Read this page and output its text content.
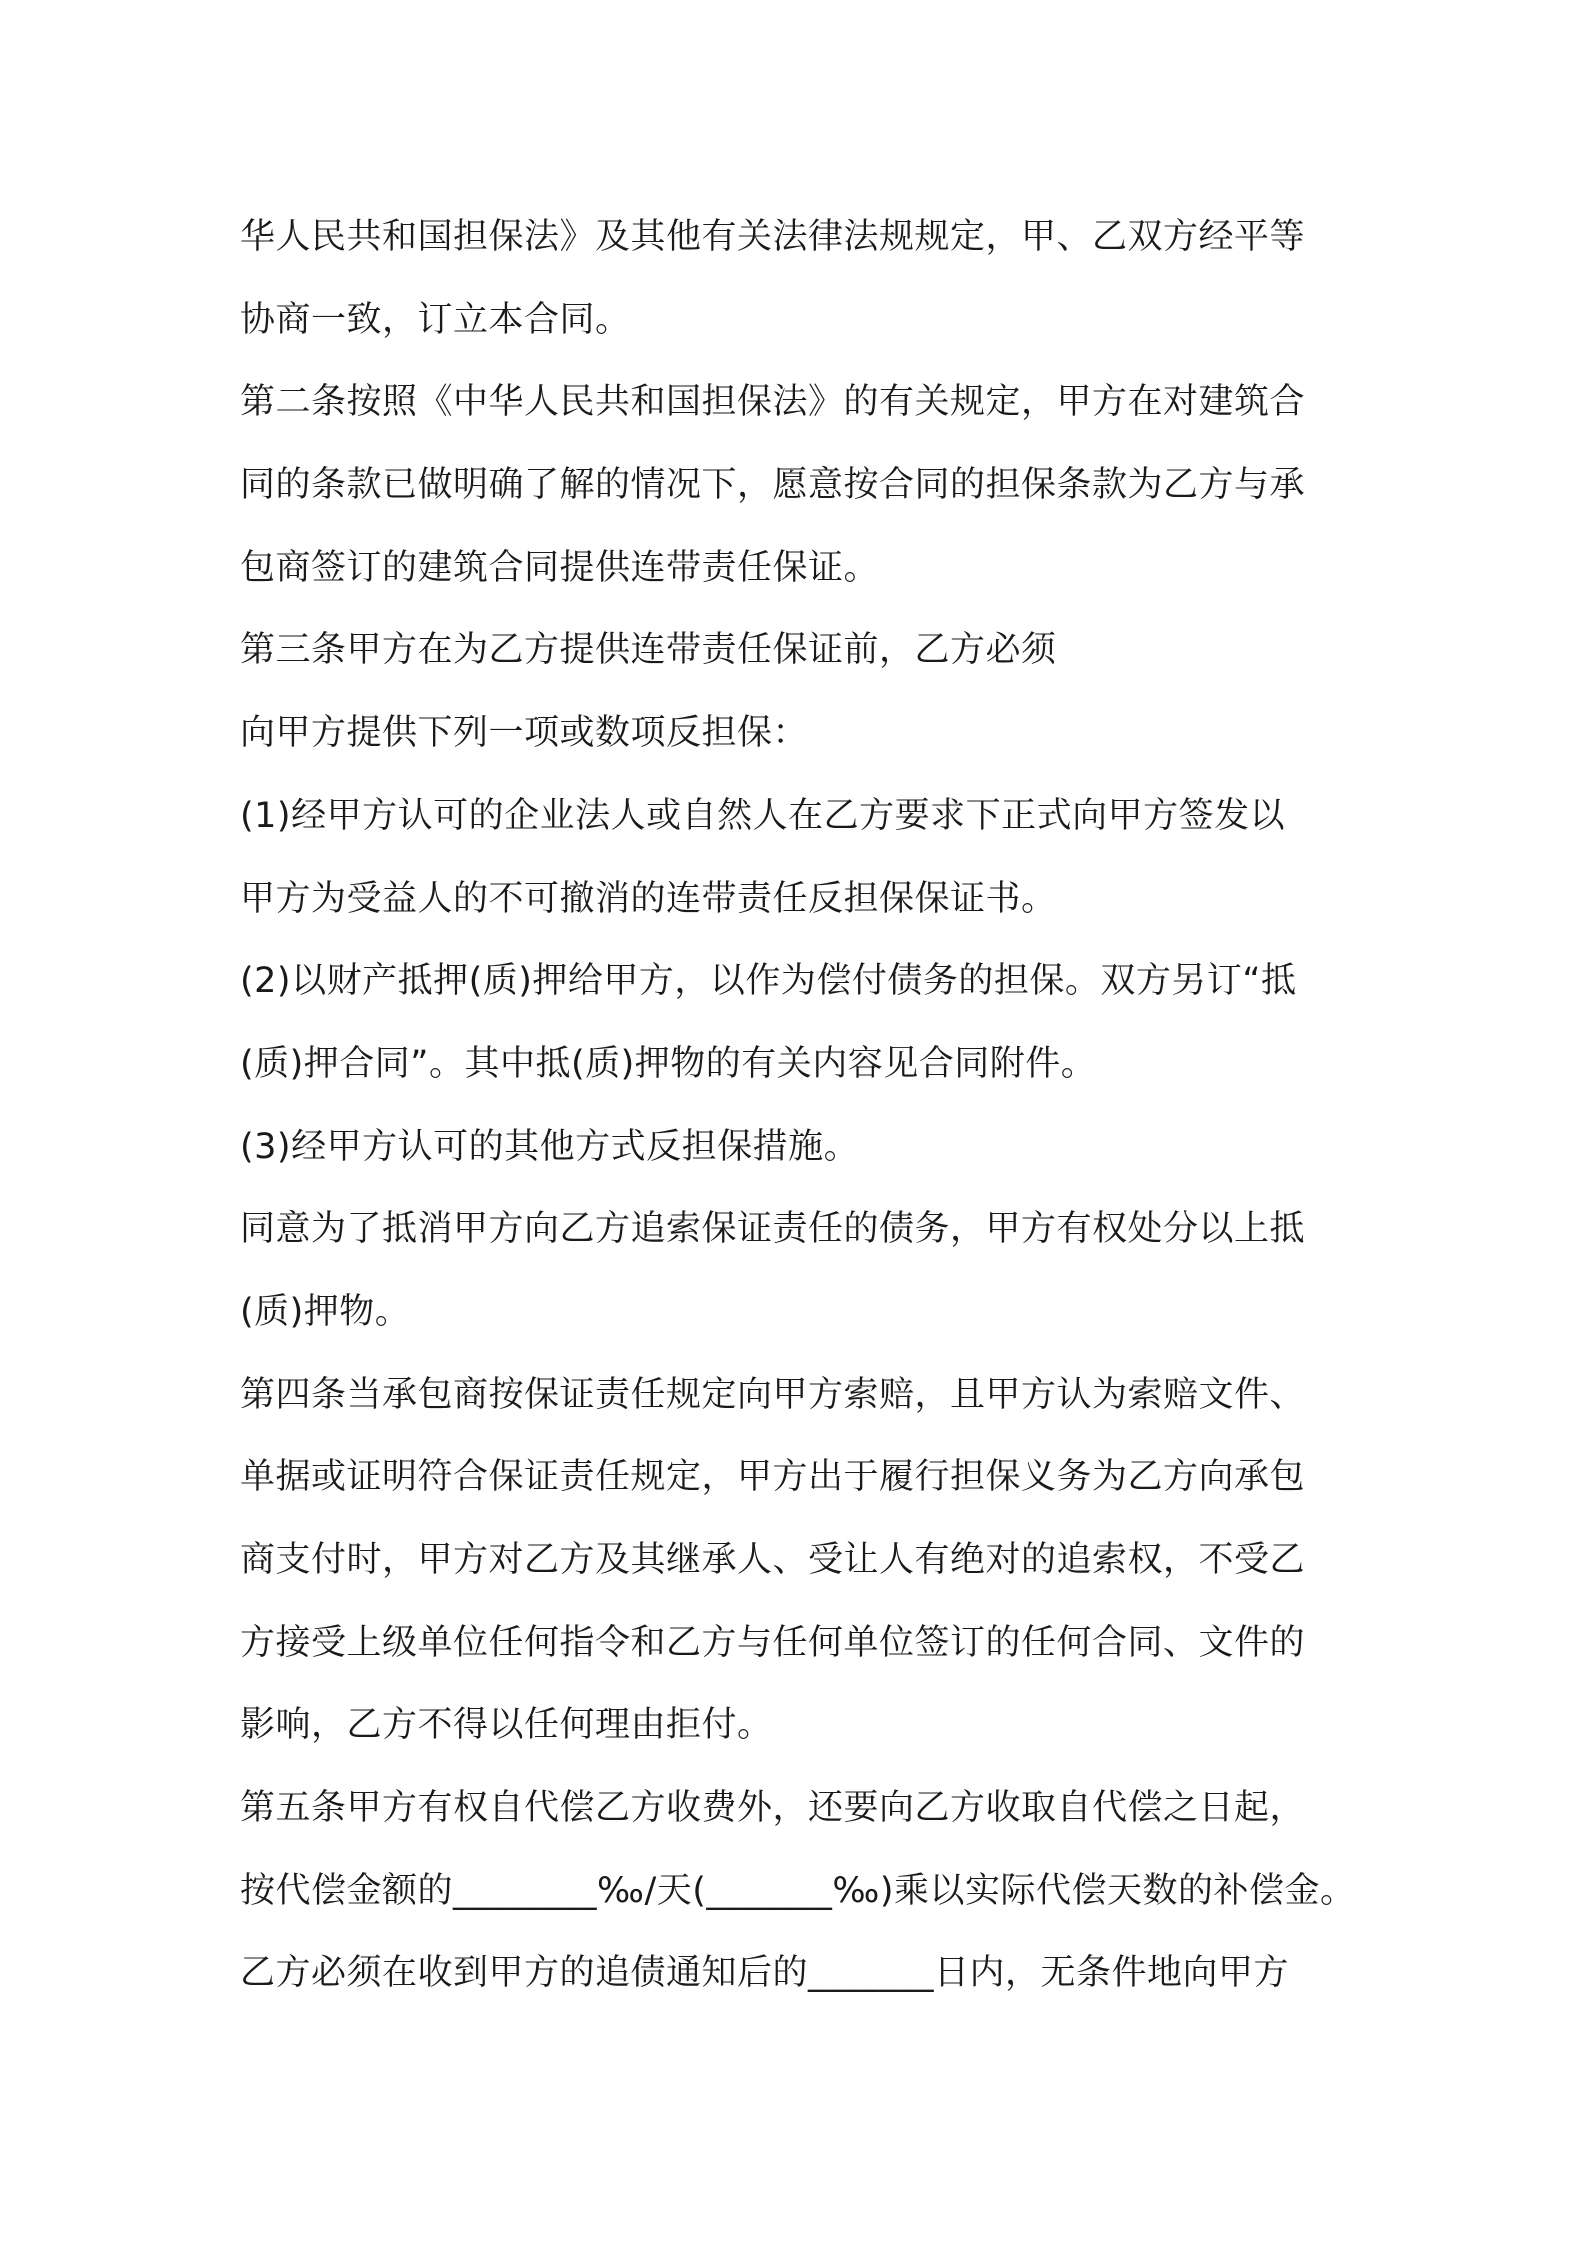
华人民共和国担保法》及其他有关法律法规规定，甲、乙双方经平等
协商一致，订立本合同。
第二条按照《中华人民共和国担保法》的有关规定，甲方在对建筑合
同的条款已做明确了解的情况下，愿意按合同的担保条款为乙方与承
包商签订的建筑合同提供连带责任保证。
第三条甲方在为乙方提供连带责任保证前，乙方必须
向甲方提供下列一项或数项反担保：
(1)经甲方认可的企业法人或自然人在乙方要求下正式向甲方签发以
甲方为受益人的不可撤消的连带责任反担保保证书。
(2)以财产抵押(质)押给甲方，以作为偿付债务的担保。双方另订“抵
(质)押合同”。其中抵(质)押物的有关内容见合同附件。
(3)经甲方认可的其他方式反担保措施。
同意为了抵消甲方向乙方追索保证责任的债务，甲方有权处分以上抵
(质)押物。
第四条当承包商按保证责任规定向甲方索赔，且甲方认为索赔文件、
单据或证明符合保证责任规定，甲方出于履行担保义务为乙方向承包
商支付时，甲方对乙方及其继承人、受让人有绝对的追索权，不受乙
方接受上级单位任何指令和乙方与任何单位签订的任何合同、文件的
影响，乙方不得以任何理由拒付。
第五条甲方有权自代偿乙方收费外，还要向乙方收取自代偿之日起，
按代偿金额的________‰/天(_______‰)乘以实际代偿天数的补偿金。
乙方必须在收到甲方的追债通知后的_______日内，无条件地向甲方
